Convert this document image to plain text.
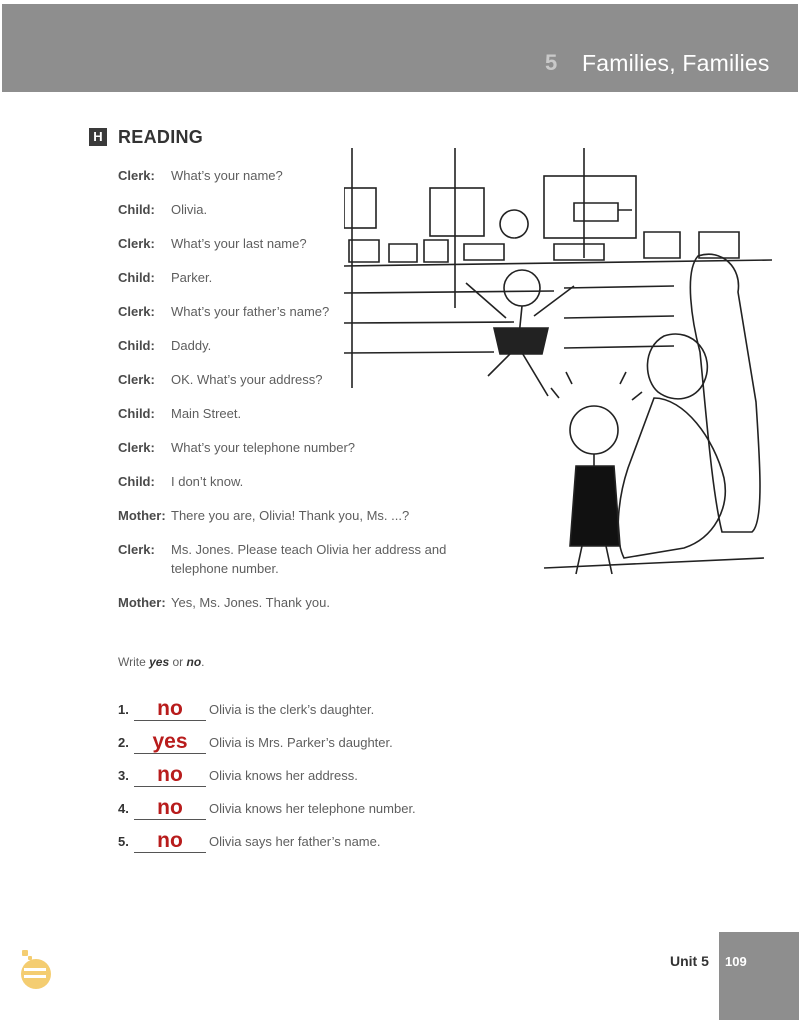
5 Families, Families
H READING
Clerk:	What’s your name?
Child:	Olivia.
Clerk:	What’s your last name?
Child:	Parker.
Clerk:	What’s your father’s name?
Child:	Daddy.
Clerk:	OK. What’s your address?
Child:	Main Street.
Clerk:	What’s your telephone number?
Child:	I don’t know.
Mother: There you are, Olivia! Thank you, Ms. ...?
Clerk:	Ms. Jones. Please teach Olivia her address and telephone number.
Mother: Yes, Ms. Jones. Thank you.
Write yes or no.
1.	no	Olivia is the clerk’s daughter.
2.	yes	Olivia is Mrs. Parker’s daughter.
3.	no	Olivia knows her address.
4.	no	Olivia knows her telephone number.
5.	no	Olivia says her father’s name.
Unit 5 109
